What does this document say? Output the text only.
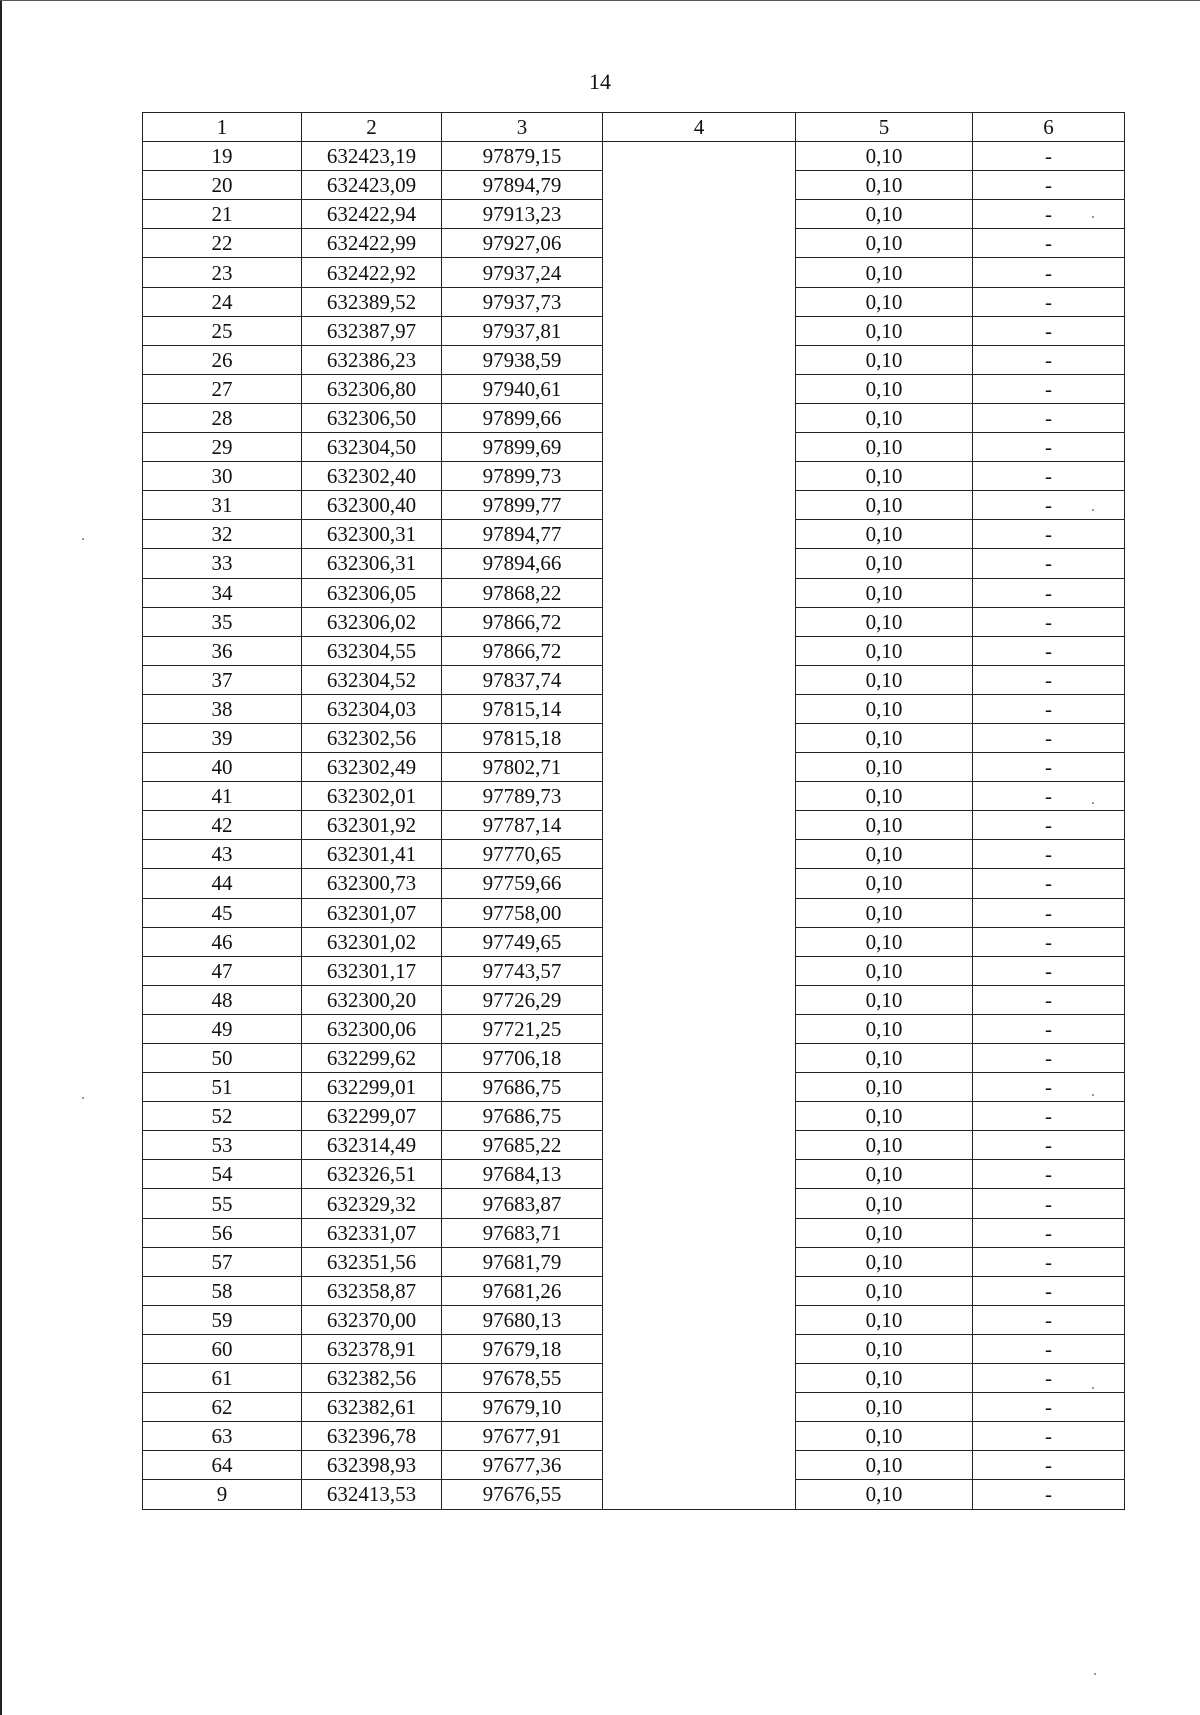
14
1	2	3	4	5	6
19	632423,19	97879,15		0,10	-
20	632423,09	97894,79		0,10	-
21	632422,94	97913,23		0,10	-
22	632422,99	97927,06		0,10	-
23	632422,92	97937,24		0,10	-
24	632389,52	97937,73		0,10	-
25	632387,97	97937,81		0,10	-
26	632386,23	97938,59		0,10	-
27	632306,80	97940,61		0,10	-
28	632306,50	97899,66		0,10	-
29	632304,50	97899,69		0,10	-
30	632302,40	97899,73		0,10	-
31	632300,40	97899,77		0,10	-
32	632300,31	97894,77		0,10	-
33	632306,31	97894,66		0,10	-
34	632306,05	97868,22		0,10	-
35	632306,02	97866,72		0,10	-
36	632304,55	97866,72		0,10	-
37	632304,52	97837,74		0,10	-
38	632304,03	97815,14		0,10	-
39	632302,56	97815,18		0,10	-
40	632302,49	97802,71		0,10	-
41	632302,01	97789,73		0,10	-
42	632301,92	97787,14		0,10	-
43	632301,41	97770,65		0,10	-
44	632300,73	97759,66		0,10	-
45	632301,07	97758,00		0,10	-
46	632301,02	97749,65		0,10	-
47	632301,17	97743,57		0,10	-
48	632300,20	97726,29		0,10	-
49	632300,06	97721,25		0,10	-
50	632299,62	97706,18		0,10	-
51	632299,01	97686,75		0,10	-
52	632299,07	97686,75		0,10	-
53	632314,49	97685,22		0,10	-
54	632326,51	97684,13		0,10	-
55	632329,32	97683,87		0,10	-
56	632331,07	97683,71		0,10	-
57	632351,56	97681,79		0,10	-
58	632358,87	97681,26		0,10	-
59	632370,00	97680,13		0,10	-
60	632378,91	97679,18		0,10	-
61	632382,56	97678,55		0,10	-
62	632382,61	97679,10		0,10	-
63	632396,78	97677,91		0,10	-
64	632398,93	97677,36		0,10	-
9	632413,53	97676,55		0,10	-
